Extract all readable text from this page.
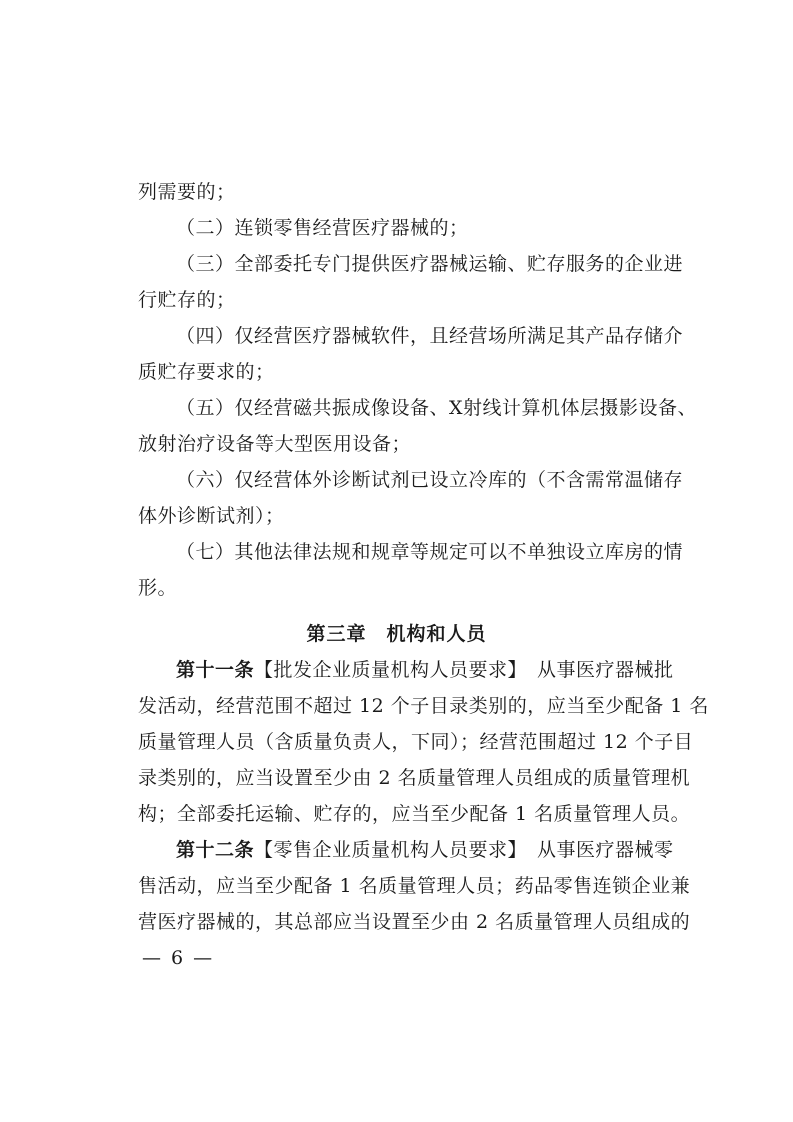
列需要的；
（二）连锁零售经营医疗器械的；
（三）全部委托专门提供医疗器械运输、贮存服务的企业进
行贮存的；
（四）仅经营医疗器械软件，且经营场所满足其产品存储介
质贮存要求的；
（五）仅经营磁共振成像设备、X射线计算机体层摄影设备、
放射治疗设备等大型医用设备；
（六）仅经营体外诊断试剂已设立冷库的（不含需常温储存
体外诊断试剂）；
（七）其他法律法规和规章等规定可以不单独设立库房的情
形。
第三章　机构和人员
第十一条【批发企业质量机构人员要求】　从事医疗器械批
发活动，经营范围不超过 12 个子目录类别的，应当至少配备 1 名
质量管理人员（含质量负责人，下同）；经营范围超过 12 个子目
录类别的，应当设置至少由 2 名质量管理人员组成的质量管理机
构；全部委托运输、贮存的，应当至少配备 1 名质量管理人员。
第十二条【零售企业质量机构人员要求】　从事医疗器械零
售活动，应当至少配备 1 名质量管理人员；药品零售连锁企业兼
营医疗器械的，其总部应当设置至少由 2 名质量管理人员组成的
— 6 —
